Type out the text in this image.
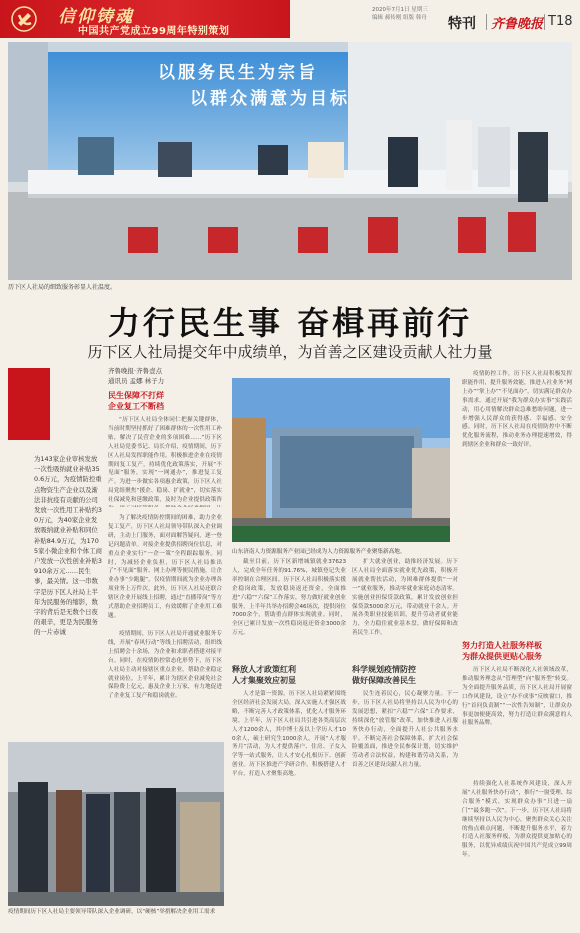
信仰铸魂
中国共产党成立99周年特别策划
2020年7月1日 星期三
编辑 郝传刚 组版 韩舟 特刊 齐鲁晚报 T18
以服务民生为宗旨
以群众满意为目标
历下区人社局的细致服务彰显人社温度。
力行民生事 奋楫再前行
历下区人社局提交年中成绩单，为首善之区建设贡献人社力量
齐鲁晚报·齐鲁壹点
通讯员 孟娜 林子力
为143家企业审核发放一次性吸纳就业补贴350.6万元，为疫情防控重点物资生产企业以及渐法非抗疫有贡献的公司发放一次性用工补贴约30万元，为40家企业发放吸纳就业补贴和同位补贴84.9万元，为1705家小微企业和个体工商户发放一次性创业补贴3910余万元……民生事，最关情。这一串数字是历下区人社局上半年为民服务的缩影，数字的背后是无数个日夜的艰辛，更是为民服务的一片赤诚
民生保障不打烊
企业复工不断档
“历下区人社局全体同仁把握关键群体，当前时期坚持抓好了困难群体的一次性用工补贴，解决了民营企业的多项困难……”历下区人社局党委书记、局长介绍，疫情期间，历下区人社局发挥职能作用，积极推进企业在疫情期间复工复产，持续优化政策落实，开展“不见面”服务，实现“一网通办”，推进复工复产。为进一步做实各项惠企政策，历下区人社局党组聚焦“援企、稳岗、扩就业”，切实落实社保减免和延缴政策，及时为企业提供政策咨
为了解决疫情防控期间的困难，助力企业复工复产，历下区人社局领导带队深入企业调研，主动上门服务，面对面解答疑问，逐一登记问题清单。对接企业提供招聘岗位信息，对重点企业实行“一企一策”全程跟踪服务。同时，为减轻企业负担，历下区人社局推出了“不见面”服务、网上办理等便民措施，让企业办事“少跑腿”，仅疫情期间就为企业办理各项业务上万件次。此外，历下区人社局还联合辖区企业开展线上招聘，通过“直播带岗”等方式帮助企业招聘员工，有效缓解了企业用工难题。
疫情期间，历下区人社局开通就业服务专线，开展“春风行动”等线上招聘活动，组织线上招聘会十余场，为企业和求职者搭建对接平台。同时，在疫情防控常态化形势下，历下区人社局主动对接辖区重点企业，帮助企业稳定就业岗位。上半年，累计为辖区企业减免社会保险费上亿元，惠及企业上万家，有力地促进了企业复工复产和稳岗就业。
山东济南人力资源服务产业园已经成为人力资源服务产业聚集新高地。
截至目前，历下区新增城镇就业37623人，完成全年任务的91.76%，城镇登记失业率控制在合理区间。历下区人社局积极落实援企稳岗政策，发放稳岗返还资金，全面推进“六稳”“六保”工作落实，努力做好就业创业服务，上半年共举办招聘会46场次，提供岗位7000余个，帮助重点群体实现就业。同时，全区已累计发放一次性稳岗返还资金3000余万元。
释放人才政策红利
人才集聚效应初显
人才是第一资源。历下区人社局紧紧围绕全区经济社会发展大局，深入实施人才强区战略，不断完善人才政策体系，优化人才服务环境。上半年，历下区人社局共引进各类高层次人才1200余人，其中博士及以上学历人才100余人，硕士研究生1000余人。开展“人才服务月”活动，为人才提供落户、住房、子女入学等一站式服务，让人才安心扎根历下、创新创业。历下区推进产学研合作，积极搭建人才平台，打造人才聚集高地。
扩大就业创业，助推经济发展。历下区人社局全面落实就业优先政策，积极开展就业帮扶活动，为困难群体提供“一对一”就业服务，推动零就业家庭动态清零。实施创业担保贷款政策，累计发放创业担保贷款5000余万元，带动就业千余人。开展各类职业技能培训，提升劳动者就业能力，全力稳住就业基本盘，做好保障和改善民生工作。
科学规划疫情防控
做好保障改善民生
民生连着民心，民心凝聚力量。下一步，历下区人社局将坚持以人民为中心的发展思想，紧扣“六稳”“六保”工作要求，持续深化“放管服”改革，加快推进人社服务快办行动，全面提升人社公共服务水平。不断完善社会保障体系，扩大社会保险覆盖面，推进全民参保计划，切实维护劳动者合法权益，构建和谐劳动关系，为首善之区建设贡献人社力量。
疫情防控工作，历下区人社局积极发挥职能作用，提升服务效能，推进人社业务“网上办”“掌上办”“不见面办”，切实满足群众办事需求。通过开展“我为群众办实事”实践活动，用心用情解决群众急难愁盼问题，进一步增强人民群众的获得感、幸福感、安全感。同时，历下区人社局在疫情防控中不断优化服务流程，推动业务办理提速增效，得到辖区企业和群众一致好评。
努力打造人社服务样板
为群众提供更贴心服务
历下区人社局不断深化人社领域改革，推动服务理念从“管理型”向“服务型”转变。为全面提升服务品质，历下区人社局开展窗口作风建设，设立“办不成事”反映窗口，推行“首问负责制”“一次性告知制”，让群众办事更加便捷高效，努力打造让群众满意的人社服务品牌。
持续强化人社系统作风建设，深入开展“人社服务快办行动”，推行“一窗受理、综合服务”模式，实现群众办事“只进一扇门”“最多跑一次”。下一步，历下区人社局将继续坚持以人民为中心，聚焦群众关心关注的热点难点问题，不断提升服务水平，着力打造人社服务样板，为群众提供更加贴心的服务，以优异成绩庆祝中国共产党成立99周年。
疫情期间历下区人社局主要领导带队深入企业调研，以“硬核”举措解决企业用工需求
